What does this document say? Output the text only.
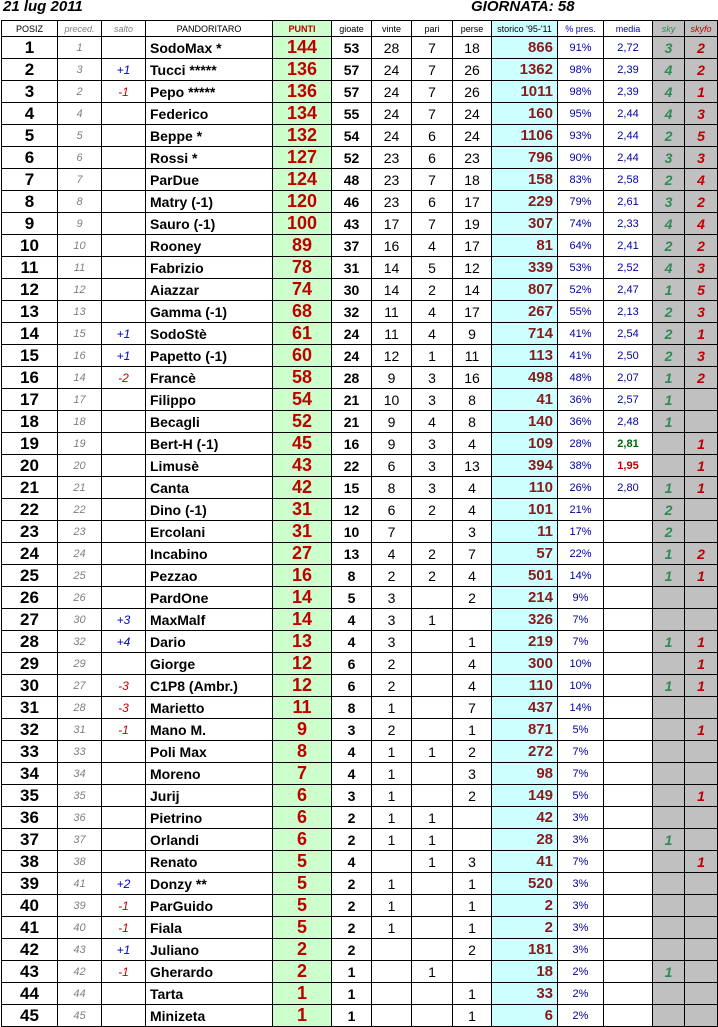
21 lug 2011	GIORNATA: 58
POSIZ	preced.	salto	PANDORITARO	PUNTI	gioate	vinte	pari	perse	storico '95-'11	% pres.	media	sky	skyfo
1	1		SodoMax *	144	53	28	7	18	866	91%	2,72	3	2
2	3	+1	Tucci *****	136	57	24	7	26	1362	98%	2,39	4	2
3	2	-1	Pepo *****	136	57	24	7	26	1011	98%	2,39	4	1
4	4		Federico	134	55	24	7	24	160	95%	2,44	4	3
5	5		Beppe *	132	54	24	6	24	1106	93%	2,44	2	5
6	6		Rossi *	127	52	23	6	23	796	90%	2,44	3	3
7	7		ParDue	124	48	23	7	18	158	83%	2,58	2	4
8	8		Matry (-1)	120	46	23	6	17	229	79%	2,61	3	2
9	9		Sauro (-1)	100	43	17	7	19	307	74%	2,33	4	4
10	10		Rooney	89	37	16	4	17	81	64%	2,41	2	2
11	11		Fabrizio	78	31	14	5	12	339	53%	2,52	4	3
12	12		Aiazzar	74	30	14	2	14	807	52%	2,47	1	5
13	13		Gamma (-1)	68	32	11	4	17	267	55%	2,13	2	3
14	15	+1	SodoStè	61	24	11	4	9	714	41%	2,54	2	1
15	16	+1	Papetto (-1)	60	24	12	1	11	113	41%	2,50	2	3
16	14	-2	Francè	58	28	9	3	16	498	48%	2,07	1	2
17	17		Filippo	54	21	10	3	8	41	36%	2,57	1	
18	18		Becagli	52	21	9	4	8	140	36%	2,48	1	
19	19		Bert-H (-1)	45	16	9	3	4	109	28%	2,81		1
20	20		Limusè	43	22	6	3	13	394	38%	1,95		1
21	21		Canta	42	15	8	3	4	110	26%	2,80	1	1
22	22		Dino (-1)	31	12	6	2	4	101	21%		2	
23	23		Ercolani	31	10	7		3	11	17%		2	
24	24		Incabino	27	13	4	2	7	57	22%		1	2
25	25		Pezzao	16	8	2	2	4	501	14%		1	1
26	26		PardOne	14	5	3		2	214	9%			
27	30	+3	MaxMalf	14	4	3	1		326	7%			
28	32	+4	Dario	13	4	3		1	219	7%		1	1
29	29		Giorge	12	6	2		4	300	10%			1
30	27	-3	C1P8 (Ambr.)	12	6	2		4	110	10%		1	1
31	28	-3	Marietto	11	8	1		7	437	14%			
32	31	-1	Mano M.	9	3	2		1	871	5%			1
33	33		Poli Max	8	4	1	1	2	272	7%			
34	34		Moreno	7	4	1		3	98	7%			
35	35		Jurij	6	3	1		2	149	5%			1
36	36		Pietrino	6	2	1	1		42	3%			
37	37		Orlandi	6	2	1	1		28	3%		1	
38	38		Renato	5	4		1	3	41	7%			1
39	41	+2	Donzy **	5	2	1		1	520	3%			
40	39	-1	ParGuido	5	2	1		1	2	3%			
41	40	-1	Fiala	5	2	1		1	2	3%			
42	43	+1	Juliano	2	2			2	181	3%			
43	42	-1	Gherardo	2	1		1		18	2%		1	
44	44		Tarta	1	1			1	33	2%			
45	45		Minizeta	1	1			1	6	2%			
